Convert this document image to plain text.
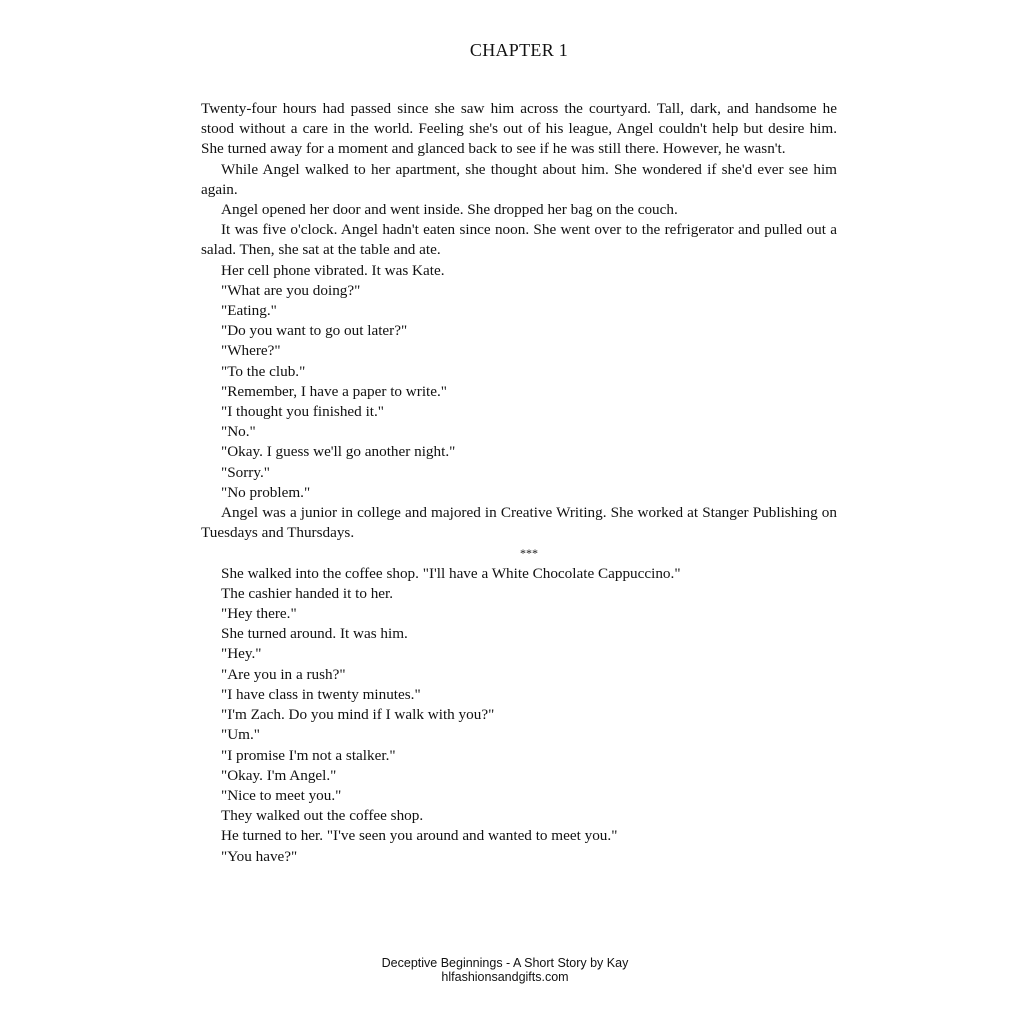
CHAPTER 1

Twenty-four hours had passed since she saw him across the courtyard. Tall, dark, and handsome he stood without a care in the world. Feeling she's out of his league, Angel couldn't help but desire him. She turned away for a moment and glanced back to see if he was still there. However, he wasn't.

While Angel walked to her apartment, she thought about him. She wondered if she'd ever see him again.

Angel opened her door and went inside. She dropped her bag on the couch.

It was five o'clock. Angel hadn't eaten since noon. She went over to the refrigerator and pulled out a salad. Then, she sat at the table and ate.

Her cell phone vibrated. It was Kate.

"What are you doing?"

"Eating."

"Do you want to go out later?"

"Where?"

"To the club."

"Remember, I have a paper to write."

"I thought you finished it."

"No."

"Okay. I guess we'll go another night."

"Sorry."

"No problem."

Angel was a junior in college and majored in Creative Writing. She worked at Stanger Publishing on Tuesdays and Thursdays.

***

She walked into the coffee shop. "I'll have a White Chocolate Cappuccino."

The cashier handed it to her.

"Hey there."

She turned around. It was him.

"Hey."

"Are you in a rush?"

"I have class in twenty minutes."

"I'm Zach. Do you mind if I walk with you?"

"Um."

"I promise I'm not a stalker."

"Okay. I'm Angel."

"Nice to meet you."

They walked out the coffee shop.

He turned to her. "I've seen you around and wanted to meet you."

"You have?"

Deceptive Beginnings - A Short Story by Kay
hlfashionsandgifts.com
